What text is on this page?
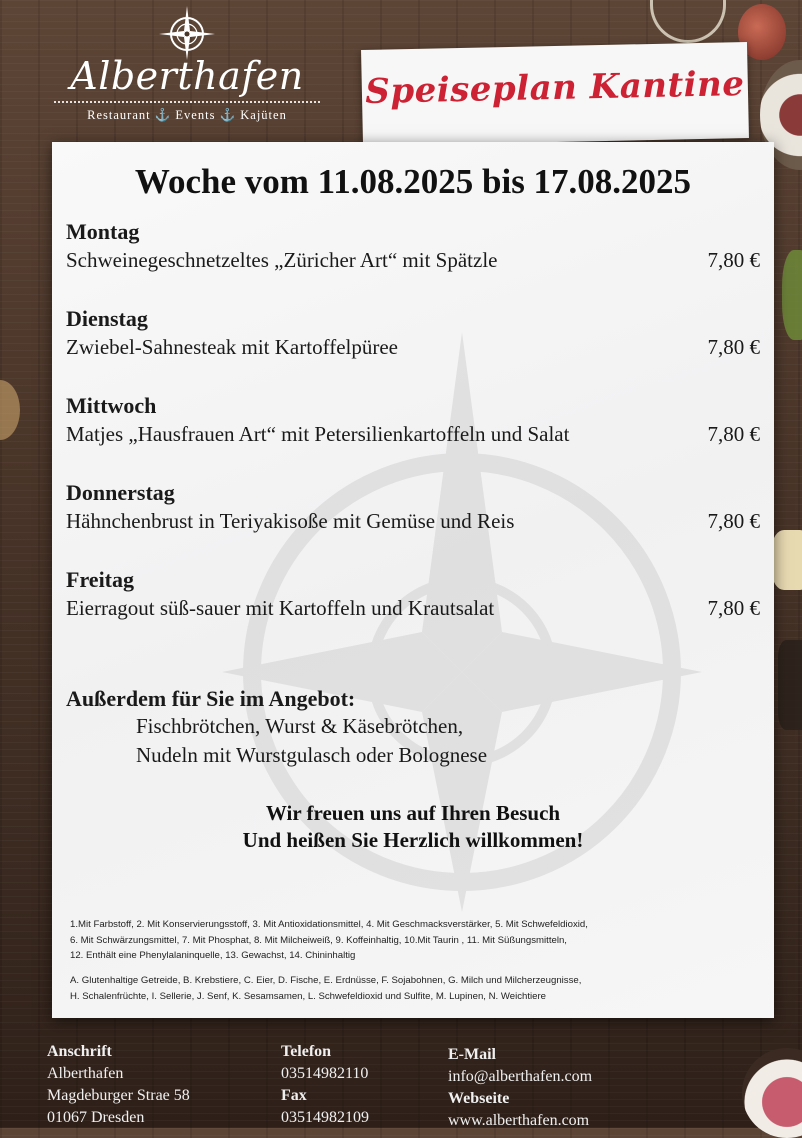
Alberthafen
Restaurant ⚓ Events ⚓ Kajüten
Speiseplan Kantine
Woche vom 11.08.2025 bis 17.08.2025
Montag
Schweinegeschnetzeltes „Züricher Art“ mit Spätzle	7,80 €
Dienstag
Zwiebel-Sahnesteak mit Kartoffelpüree	7,80 €
Mittwoch
Matjes „Hausfrauen Art“ mit Petersilienkartoffeln und Salat	7,80 €
Donnerstag
Hähnchenbrust in Teriyakisoße mit Gemüse und Reis	7,80 €
Freitag
Eierragout süß-sauer mit Kartoffeln und Krautsalat	7,80 €
Außerdem für Sie im Angebot:
Fischbrötchen, Wurst & Käsebrötchen,
Nudeln mit Wurstgulasch oder Bolognese
Wir freuen uns auf Ihren Besuch
Und heißen Sie Herzlich willkommen!
1.Mit Farbstoff, 2. Mit Konservierungsstoff, 3. Mit Antioxidationsmittel, 4. Mit Geschmacksverstärker, 5. Mit Schwefeldioxid,
6. Mit Schwärzungsmittel, 7. Mit Phosphat, 8. Mit Milcheiweiß, 9. Koffeinhaltig, 10.Mit Taurin , 11. Mit Süßungsmitteln,
12. Enthält eine Phenylalaninquelle, 13. Gewachst, 14. Chininhaltig
A. Glutenhaltige Getreide, B. Krebstiere, C. Eier, D. Fische, E. Erdnüsse, F. Sojabohnen, G. Milch und Milcherzeugnisse,
H. Schalenfrüchte, I. Sellerie, J. Senf, K. Sesamsamen, L. Schwefeldioxid und Sulfite, M. Lupinen, N. Weichtiere
Anschrift
Alberthafen
Magdeburger Strae 58
01067 Dresden
Telefon
03514982110
Fax
03514982109
E-Mail
info@alberthafen.com
Webseite
www.alberthafen.com
